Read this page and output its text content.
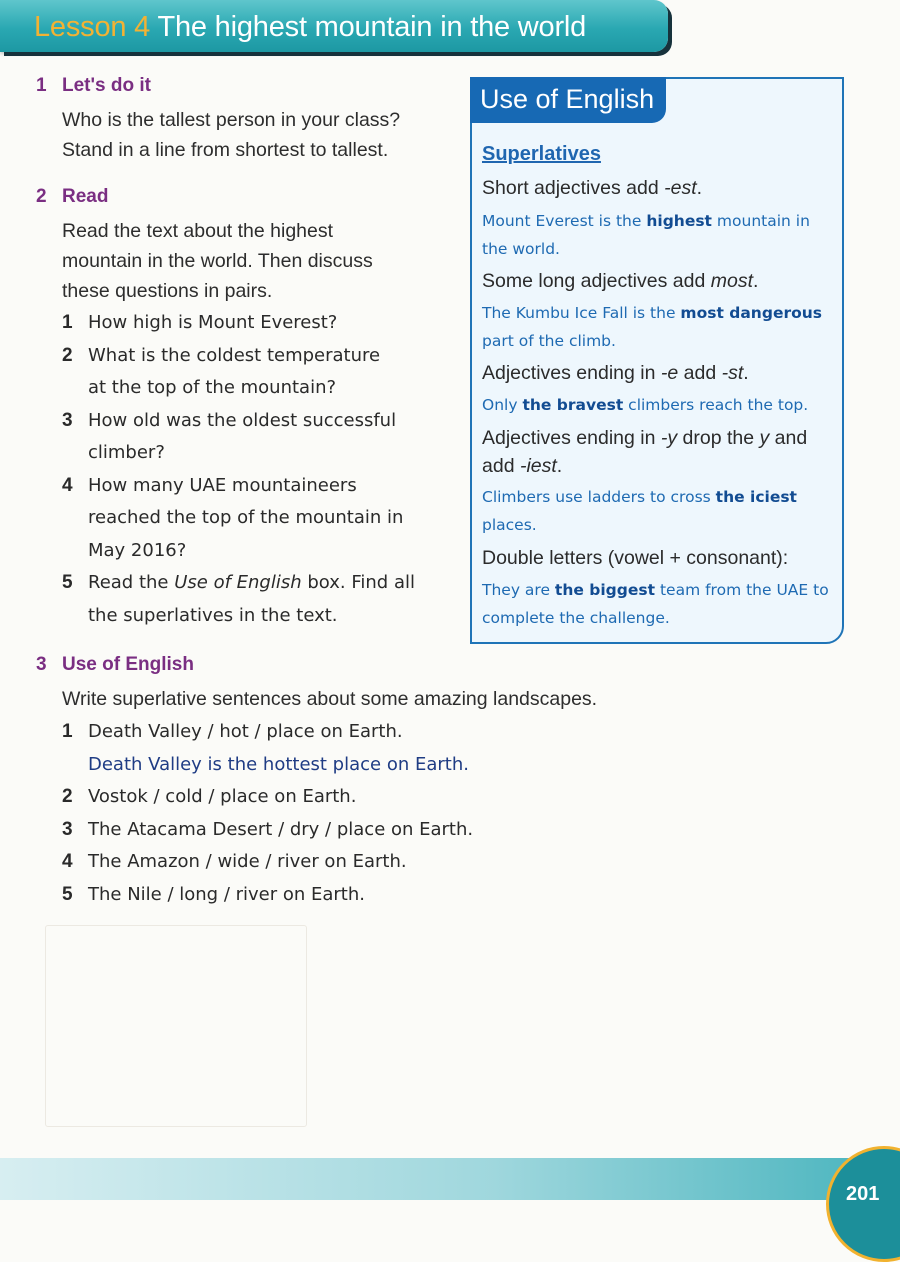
Lesson 4 The highest mountain in the world
1 Let's do it

Who is the tallest person in your class? Stand in a line from shortest to tallest.

2 Read

Read the text about the highest mountain in the world. Then discuss these questions in pairs.

1 How high is Mount Everest?
2 What is the coldest temperature at the top of the mountain?
3 How old was the oldest successful climber?
4 How many UAE mountaineers reached the top of the mountain in May 2016?
5 Read the Use of English box. Find all the superlatives in the text.
Use of English
Superlatives

Short adjectives add -est.

Mount Everest is the highest mountain in the world.

Some long adjectives add most.

The Kumbu Ice Fall is the most dangerous part of the climb.

Adjectives ending in -e add -st.

Only the bravest climbers reach the top.

Adjectives ending in -y drop the y and add -iest.

Climbers use ladders to cross the iciest places.

Double letters (vowel + consonant):

They are the biggest team from the UAE to complete the challenge.

3 Use of English

Write superlative sentences about some amazing landscapes.

1 Death Valley / hot / place on Earth.
Death Valley is the hottest place on Earth.
2 Vostok / cold / place on Earth.
3 The Atacama Desert / dry / place on Earth.
4 The Amazon / wide / river on Earth.
5 The Nile / long / river on Earth.
201
